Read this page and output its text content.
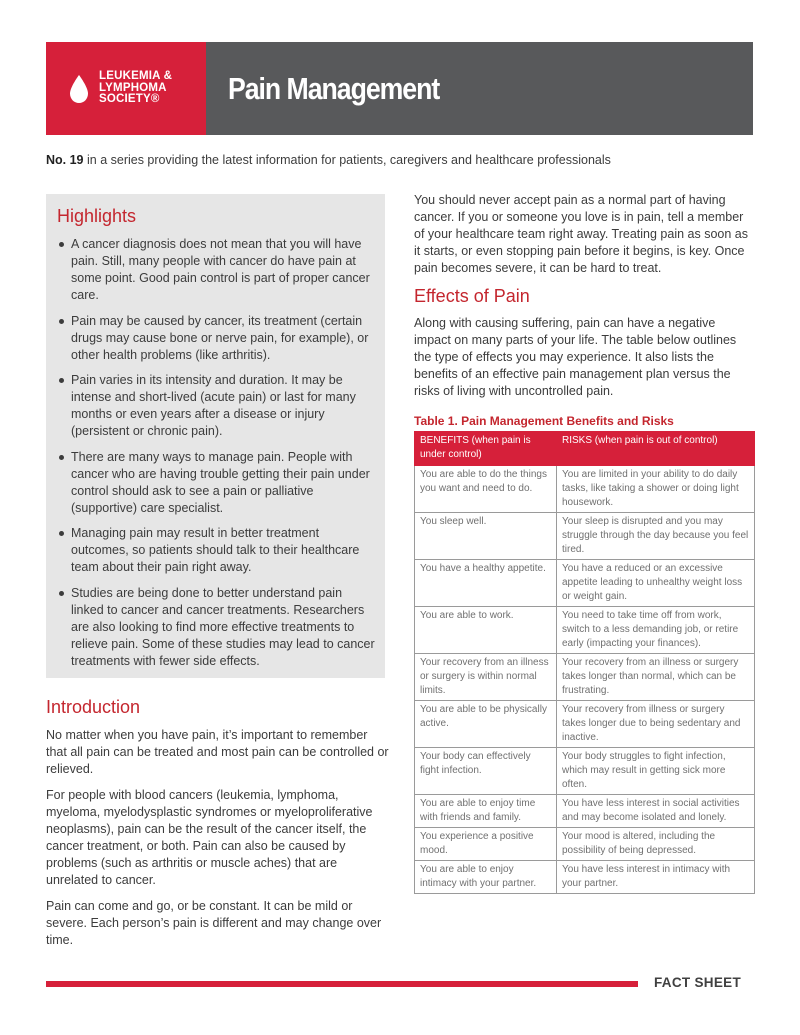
LEUKEMIA &
LYMPHOMA
SOCIETY®	Pain Management
No. 19 in a series providing the latest information for patients, caregivers and healthcare professionals
Highlights
A cancer diagnosis does not mean that you will have pain. Still, many people with cancer do have pain at some point. Good pain control is part of proper cancer care.
Pain may be caused by cancer, its treatment (certain drugs may cause bone or nerve pain, for example), or other health problems (like arthritis).
Pain varies in its intensity and duration. It may be intense and short-lived (acute pain) or last for many months or even years after a disease or injury (persistent or chronic pain).
There are many ways to manage pain. People with cancer who are having trouble getting their pain under control should ask to see a pain or palliative (supportive) care specialist.
Managing pain may result in better treatment outcomes, so patients should talk to their healthcare team about their pain right away.
Studies are being done to better understand pain linked to cancer and cancer treatments. Researchers are also looking to find more effective treatments to relieve pain. Some of these studies may lead to cancer treatments with fewer side effects.
Introduction

No matter when you have pain, it’s important to remember that all pain can be treated and most pain can be controlled or relieved.

For people with blood cancers (leukemia, lymphoma, myeloma, myelodysplastic syndromes or myeloproliferative neoplasms), pain can be the result of the cancer itself, the cancer treatment, or both. Pain can also be caused by problems (such as arthritis or muscle aches) that are unrelated to cancer.

Pain can come and go, or be constant. It can be mild or severe. Each person’s pain is different and may change over time.

You should never accept pain as a normal part of having cancer. If you or someone you love is in pain, tell a member of your healthcare team right away. Treating pain as soon as it starts, or even stopping pain before it begins, is key. Once pain becomes severe, it can be hard to treat.

Effects of Pain

Along with causing suffering, pain can have a negative impact on many parts of your life. The table below outlines the type of effects you may experience. It also lists the benefits of an effective pain management plan versus the risks of living with uncontrolled pain.

Table 1. Pain Management Benefits and Risks
BENEFITS (when pain is under control)	RISKS (when pain is out of control)
You are able to do the things you want and need to do.	You are limited in your ability to do daily tasks, like taking a shower or doing light housework.
You sleep well.	Your sleep is disrupted and you may struggle through the day because you feel tired.
You have a healthy appetite.	You have a reduced or an excessive appetite leading to unhealthy weight loss or weight gain.
You are able to work.	You need to take time off from work, switch to a less demanding job, or retire early (impacting your finances).
Your recovery from an illness or surgery is within normal limits.	Your recovery from an illness or surgery takes longer than normal, which can be frustrating.
You are able to be physically active.	Your recovery from illness or surgery takes longer due to being sedentary and inactive.
Your body can effectively fight infection.	Your body struggles to fight infection, which may result in getting sick more often.
You are able to enjoy time with friends and family.	You have less interest in social activities and may become isolated and lonely.
You experience a positive mood.	Your mood is altered, including the possibility of being depressed.
You are able to enjoy intimacy with your partner.	You have less interest in intimacy with your partner.
FACT SHEET
